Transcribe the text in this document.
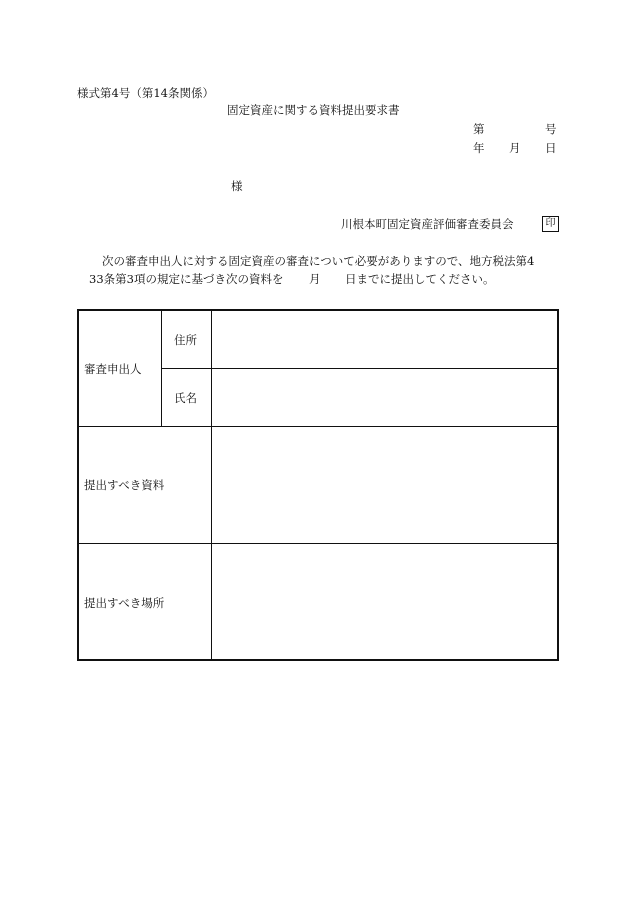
様式第4号（第14条関係）
固定資産に関する資料提出要求書
第	号
年 月 日
様
川根本町固定資産評価審査委員会	印
次の審査申出人に対する固定資産の審査について必要がありますので、地方税法第4
33条第3項の規定に基づき次の資料を 月 日までに提出してください。
審査申出人
住所
氏名
提出すべき資料
提出すべき場所
